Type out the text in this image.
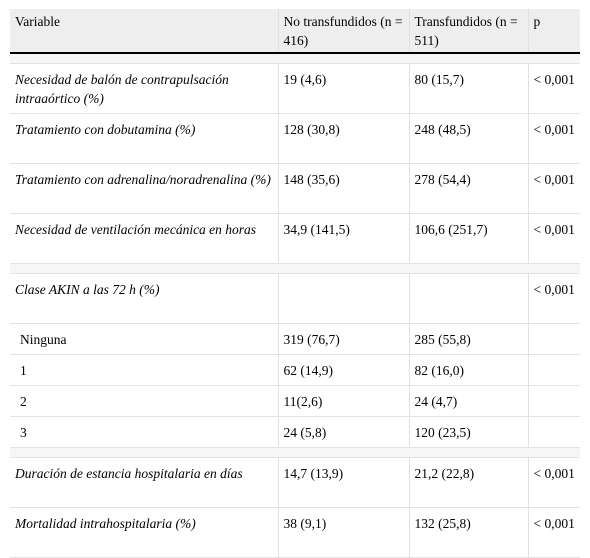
Variable	No transfundidos (n = 416)	Transfundidos (n = 511)	p

Necesidad de balón de contrapulsación intraaórtico (%)	19 (4,6)	80 (15,7)	< 0,001
Tratamiento con dobutamina (%)	128 (30,8)	248 (48,5)	< 0,001
Tratamiento con adrenalina/noradrenalina (%)	148 (35,6)	278 (54,4)	< 0,001
Necesidad de ventilación mecánica en horas	34,9 (141,5)	106,6 (251,7)	< 0,001

Clase AKIN a las 72 h (%)			< 0,001
Ninguna	319 (76,7)	285 (55,8)	
1	62 (14,9)	82 (16,0)	
2	11(2,6)	24 (4,7)	
3	24 (5,8)	120 (23,5)	

Duración de estancia hospitalaria en días	14,7 (13,9)	21,2 (22,8)	< 0,001
Mortalidad intrahospitalaria (%)	38 (9,1)	132 (25,8)	< 0,001
